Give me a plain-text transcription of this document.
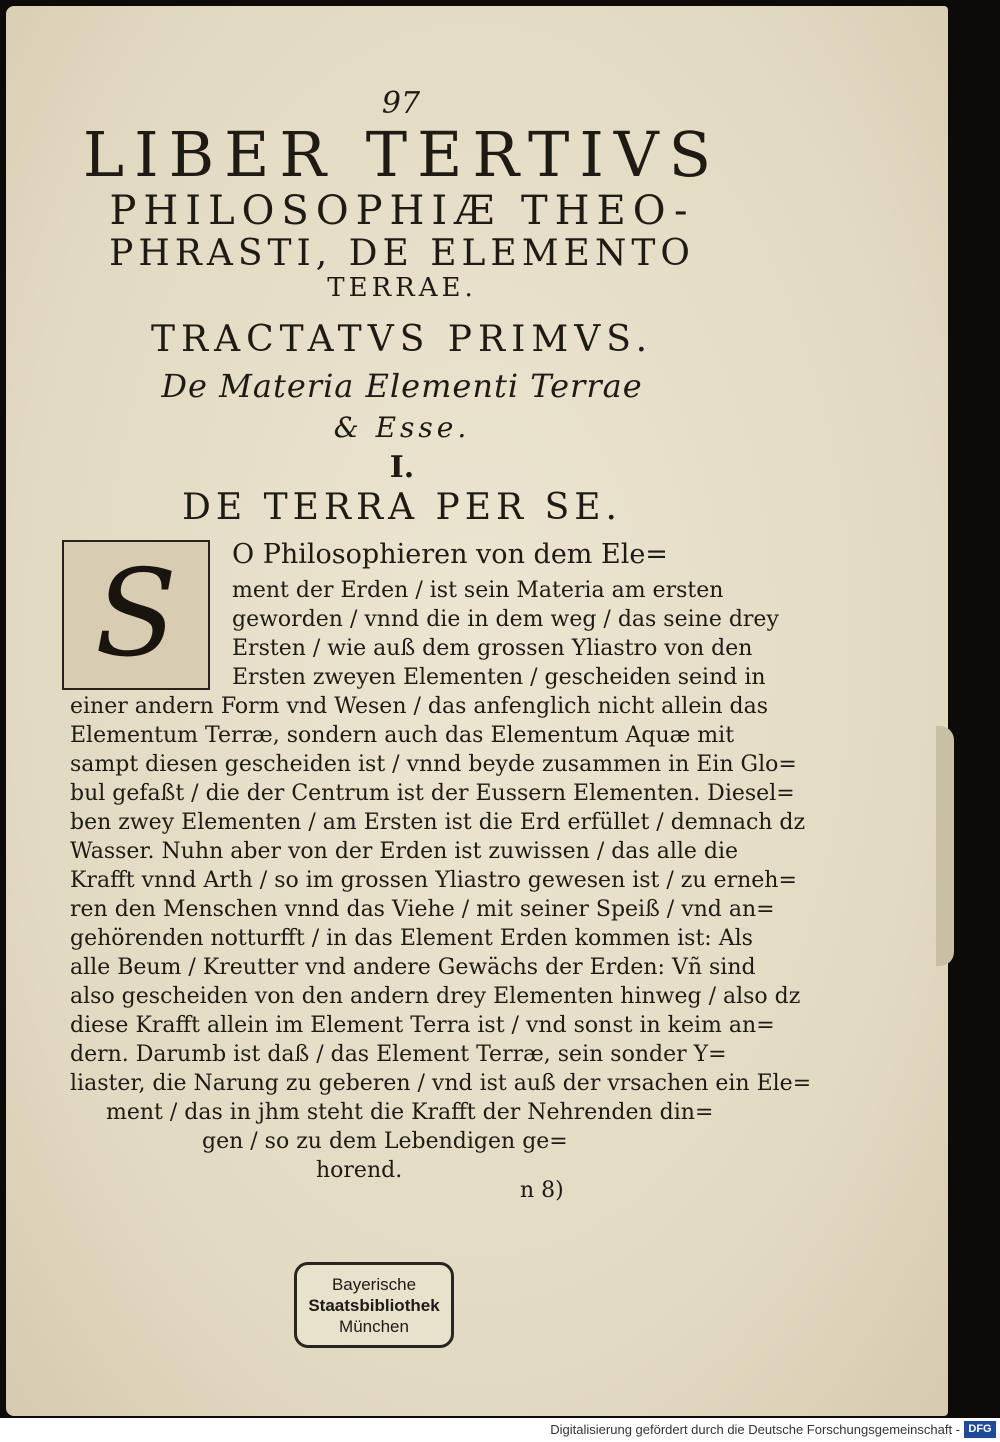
97
LIBER TERTIVS
PHILOSOPHIÆ THEO-
PHRASTI, DE ELEMENTO
TERRAE.
TRACTATVS PRIMVS.
De Materia Elementi Terrae
& Esse.
I.
DE TERRA PER SE.
S O Philosophieren von dem Ele=
ment der Erden / ist sein Materia am ersten
geworden / vnnd die in dem weg / das seine drey
Ersten / wie auß dem grossen Yliastro von den
Ersten zweyen Elementen / gescheiden seind in
einer andern Form vnd Wesen / das anfenglich nicht allein das
Elementum Terræ, sondern auch das Elementum Aquæ mit
sampt diesen gescheiden ist / vnnd beyde zusammen in Ein Glo=
bul gefaßt / die der Centrum ist der Eussern Elementen. Diesel=
ben zwey Elementen / am Ersten ist die Erd erfüllet / demnach dz
Wasser. Nuhn aber von der Erden ist zuwissen / das alle die
Krafft vnnd Arth / so im grossen Yliastro gewesen ist / zu erneh=
ren den Menschen vnnd das Viehe / mit seiner Speiß / vnd an=
gehörenden notturfft / in das Element Erden kommen ist: Als
alle Beum / Kreutter vnd andere Gewächs der Erden: Vñ sind
also gescheiden von den andern drey Elementen hinweg / also dz
diese Krafft allein im Element Terra ist / vnd sonst in keim an=
dern. Darumb ist daß / das Element Terræ, sein sonder Y=
liaster, die Narung zu geberen / vnd ist auß der vrsachen ein Ele=
ment / das in jhm steht die Krafft der Nehrenden din=
gen / so zu dem Lebendigen ge=
horend.
n 8)
Bayerische
Staatsbibliothek
München
Digitalisierung gefördert durch die Deutsche Forschungsgemeinschaft - DFG
